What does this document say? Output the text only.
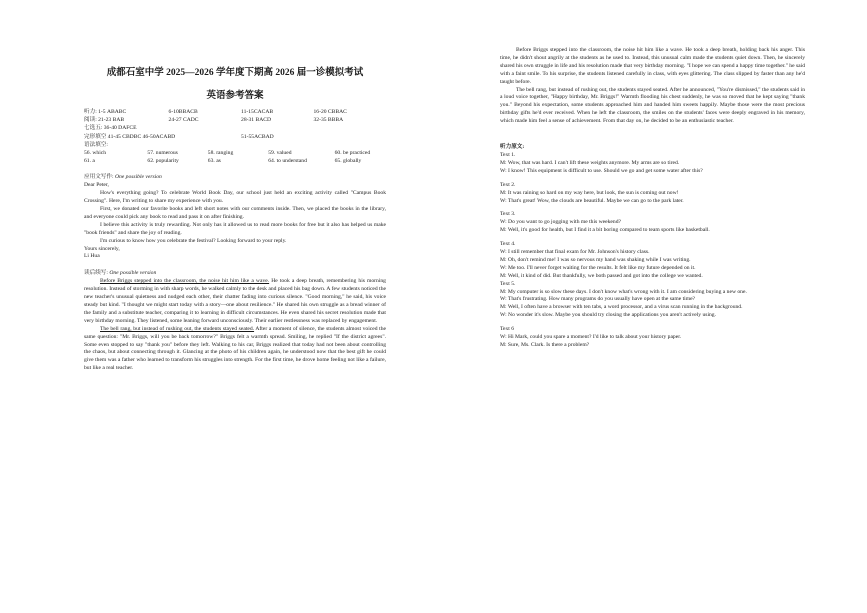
成都石室中学 2025—2026 学年度下期高 2026 届一诊模拟考试

英语参考答案

听力: 1-5 ABABC	6-10BBACB	11-15CACAB	16-20 CBBAC
阅读: 21-23 BAB	24-27 CADC	28-31 BACD	32-35 BBBA
七选五: 36-40 DAFCE			
完形填空 41-45 CBDBC 46-50ACABD		51-55ACBAD	
语法填空:			
56. which	57. numerous	58. ranging	59. valued	60. be practiced
61. a	62. popularity	63. as	64. to understand	65. globally

应用文写作: One possible version

Dear Peter,

How's everything going? To celebrate World Book Day, our school just held an exciting activity called "Campus Book Crossing". Here, I'm writing to share my experience with you.

First, we donated our favorite books and left short notes with our comments inside. Then, we placed the books in the library, and everyone could pick any book to read and pass it on after finishing.

I believe this activity is truly rewarding. Not only has it allowed us to read more books for free but it also has helped us make "book friends" and share the joy of reading.

I'm curious to know how you celebrate the festival? Looking forward to your reply.

Yours sincerely,

Li Hua

读后续写: One possible version

Before Briggs stepped into the classroom, the noise hit him like a wave. He took a deep breath, remembering his morning resolution. Instead of storming in with sharp words, he walked calmly to the desk and placed his bag down. A few students noticed the new teacher's unusual quietness and nudged each other, their chatter fading into curious silence. "Good morning," he said, his voice steady but kind. "I thought we might start today with a story—one about resilience." He shared his own struggle as a bread winner of the family and a substitute teacher, comparing it to learning in difficult circumstances. He even shared his secret resolution made that very birthday morning. They listened, some leaning forward unconsciously. Their earlier restlessness was replaced by engagement.

The bell rang, but instead of rushing out, the students stayed seated. After a moment of silence, the students almost voiced the same question: "Mr. Briggs, will you be back tomorrow?" Briggs felt a warmth spread. Smiling, he replied "If the district agrees". Some even stopped to say "thank you" before they left. Walking to his car, Briggs realized that today had not been about controlling the chaos, but about connecting through it. Glancing at the photo of his children again, he understood now that the best gift he could give them was a father who learned to transform his struggles into strength. For the first time, he drove home feeling not like a failure, but like a real teacher.

Before Briggs stepped into the classroom, the noise hit him like a wave. He took a deep breath, holding back his anger. This time, he didn't shout angrily at the students as he used to. Instead, this unusual calm made the students quiet down. Then, he sincerely shared his own struggle in life and his resolution made that very birthday morning. "I hope we can spend a happy time together." he said with a faint smile. To his surprise, the students listened carefully in class, with eyes glittering. The class slipped by faster than any he'd taught before.

The bell rang, but instead of rushing out, the students stayed seated. After he announced, "You're dismissed," the students said in a loud voice together, "Happy birthday, Mr. Briggs!" Warmth flooding his chest suddenly, he was so moved that he kept saying "thank you." Beyond his expectation, some students approached him and handed him sweets happily. Maybe those were the most precious birthday gifts he'd ever received. When he left the classroom, the smiles on the students' faces were deeply engraved in his memory, which made him feel a sense of achievement. From that day on, he decided to be an enthusiastic teacher.

听力原文:

Text 1.

M: Wow, that was hard. I can't lift these weights anymore. My arms are so tired.

W: I know! This equipment is difficult to use. Should we go and get some water after this?

Text 2.

M: It was raining so hard on my way here, but look, the sun is coming out now!

W: That's great! Wow, the clouds are beautiful. Maybe we can go to the park later.

Text 3.

W: Do you want to go jogging with me this weekend?

M: Well, it's good for health, but I find it a bit boring compared to team sports like basketball.

Text 4.

W: I still remember that final exam for Mr. Johnson's history class.

M: Oh, don't remind me! I was so nervous my hand was shaking while I was writing.

W: Me too. I'll never forget waiting for the results. It felt like my future depended on it.

M: Well, it kind of did. But thankfully, we both passed and got into the college we wanted.

Text 5.

M: My computer is so slow these days. I don't know what's wrong with it. I am considering buying a new one.

W: That's frustrating. How many programs do you usually have open at the same time?

M: Well, I often have a browser with ten tabs, a word processor, and a virus scan running in the background.

W: No wonder it's slow. Maybe you should try closing the applications you aren't actively using.

Text 6

W: Hi Mark, could you spare a moment? I'd like to talk about your history paper.

M: Sure, Ms. Clark. Is there a problem?
